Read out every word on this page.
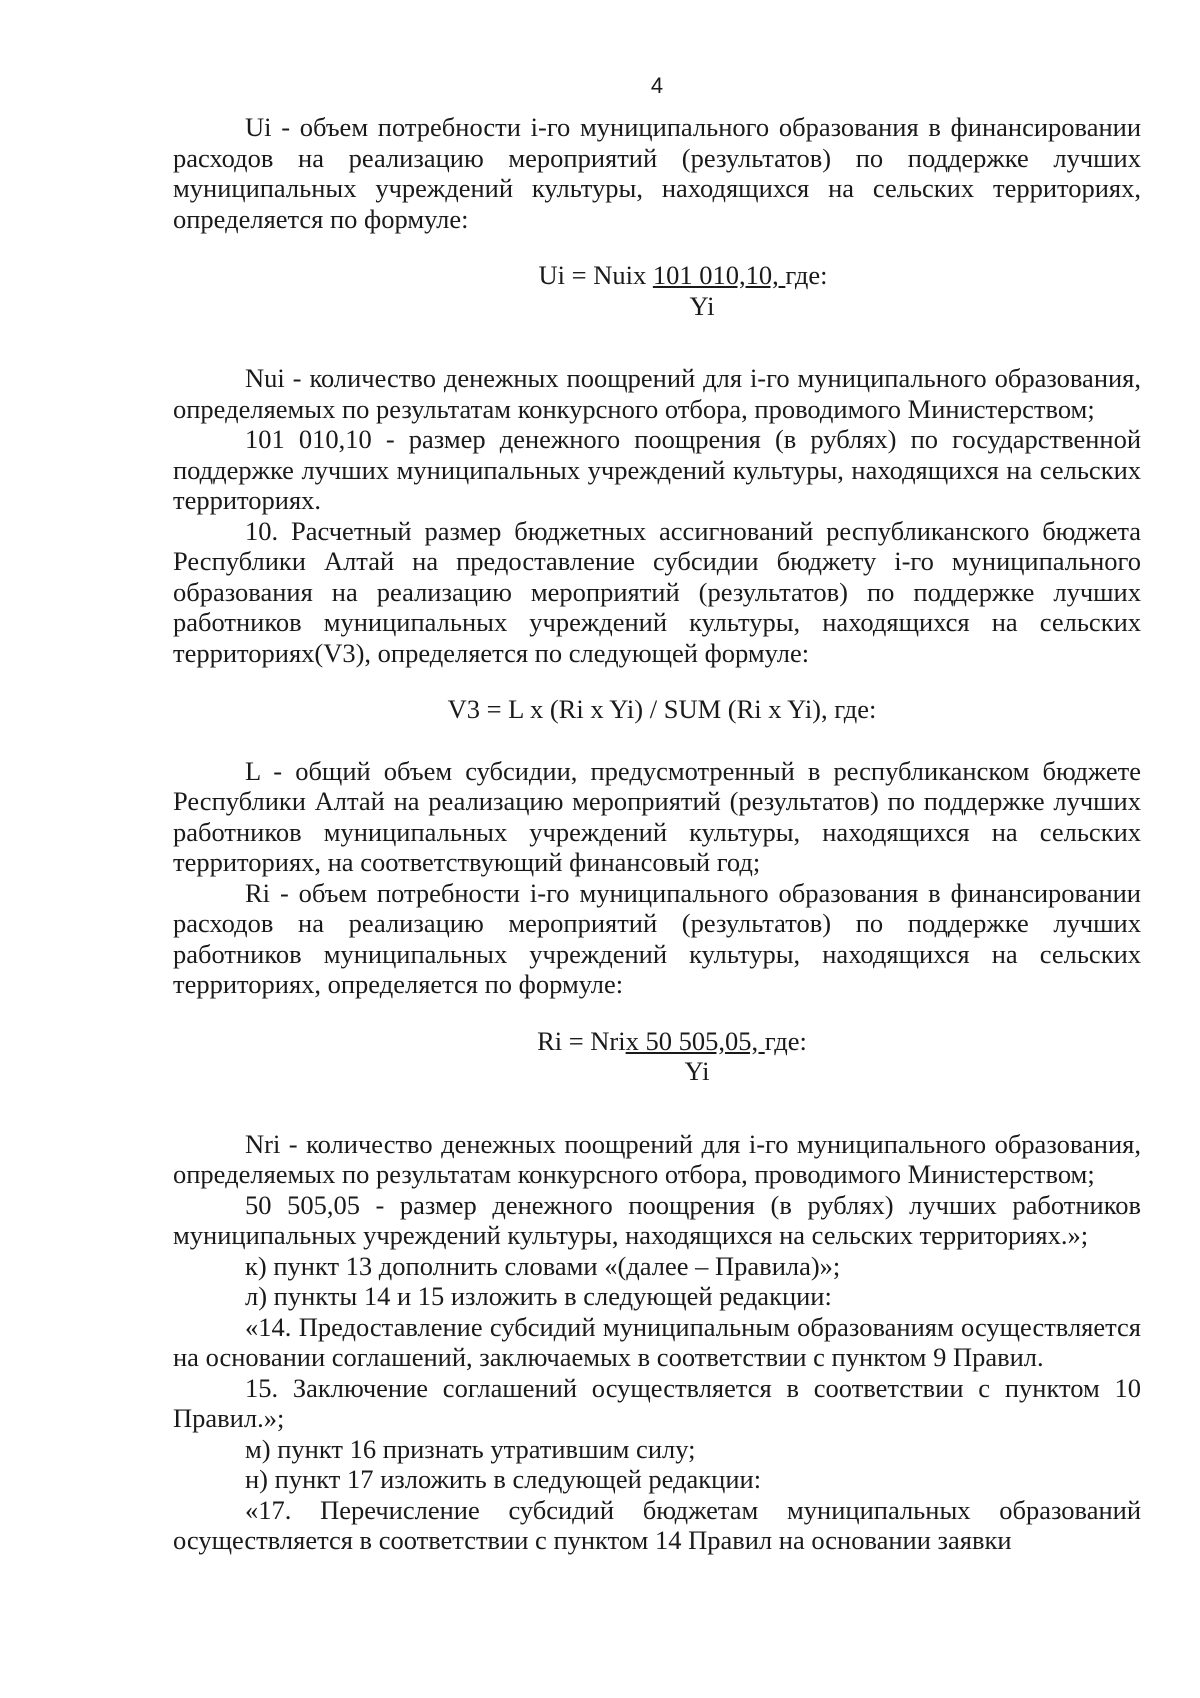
4

Ui - объем потребности i-го муниципального образования в финансировании расходов на реализацию мероприятий (результатов) по поддержке лучших муниципальных учреждений культуры, находящихся на сельских территориях, определяется по формуле:

Ui = Nuix 101 010,10, где:
Yi

Nui - количество денежных поощрений для i-го муниципального образования, определяемых по результатам конкурсного отбора, проводимого Министерством;

101 010,10 - размер денежного поощрения (в рублях) по государственной поддержке лучших муниципальных учреждений культуры, находящихся на сельских территориях.

10. Расчетный размер бюджетных ассигнований республиканского бюджета Республики Алтай на предоставление субсидии бюджету i-го муниципального образования на реализацию мероприятий (результатов) по поддержке лучших работников муниципальных учреждений культуры, находящихся на сельских территориях(V3), определяется по следующей формуле:

V3 = L x (Ri x Yi) / SUM (Ri x Yi), где:

L - общий объем субсидии, предусмотренный в республиканском бюджете Республики Алтай на реализацию мероприятий (результатов) по поддержке лучших работников муниципальных учреждений культуры, находящихся на сельских территориях, на соответствующий финансовый год;

Ri - объем потребности i-го муниципального образования в финансировании расходов на реализацию мероприятий (результатов) по поддержке лучших работников муниципальных учреждений культуры, находящихся на сельских территориях, определяется по формуле:

Ri = Nrix 50 505,05, где:
Yi

Nri - количество денежных поощрений для i-го муниципального образования, определяемых по результатам конкурсного отбора, проводимого Министерством;

50 505,05 - размер денежного поощрения (в рублях) лучших работников муниципальных учреждений культуры, находящихся на сельских территориях.»;

к) пункт 13 дополнить словами «(далее – Правила)»;

л) пункты 14 и 15 изложить в следующей редакции:

«14. Предоставление субсидий муниципальным образованиям осуществляется на основании соглашений, заключаемых в соответствии с пунктом 9 Правил.

15. Заключение соглашений осуществляется в соответствии с пунктом 10 Правил.»;

м) пункт 16 признать утратившим силу;

н) пункт 17 изложить в следующей редакции:

«17. Перечисление субсидий бюджетам муниципальных образований осуществляется в соответствии с пунктом 14 Правил на основании заявки
